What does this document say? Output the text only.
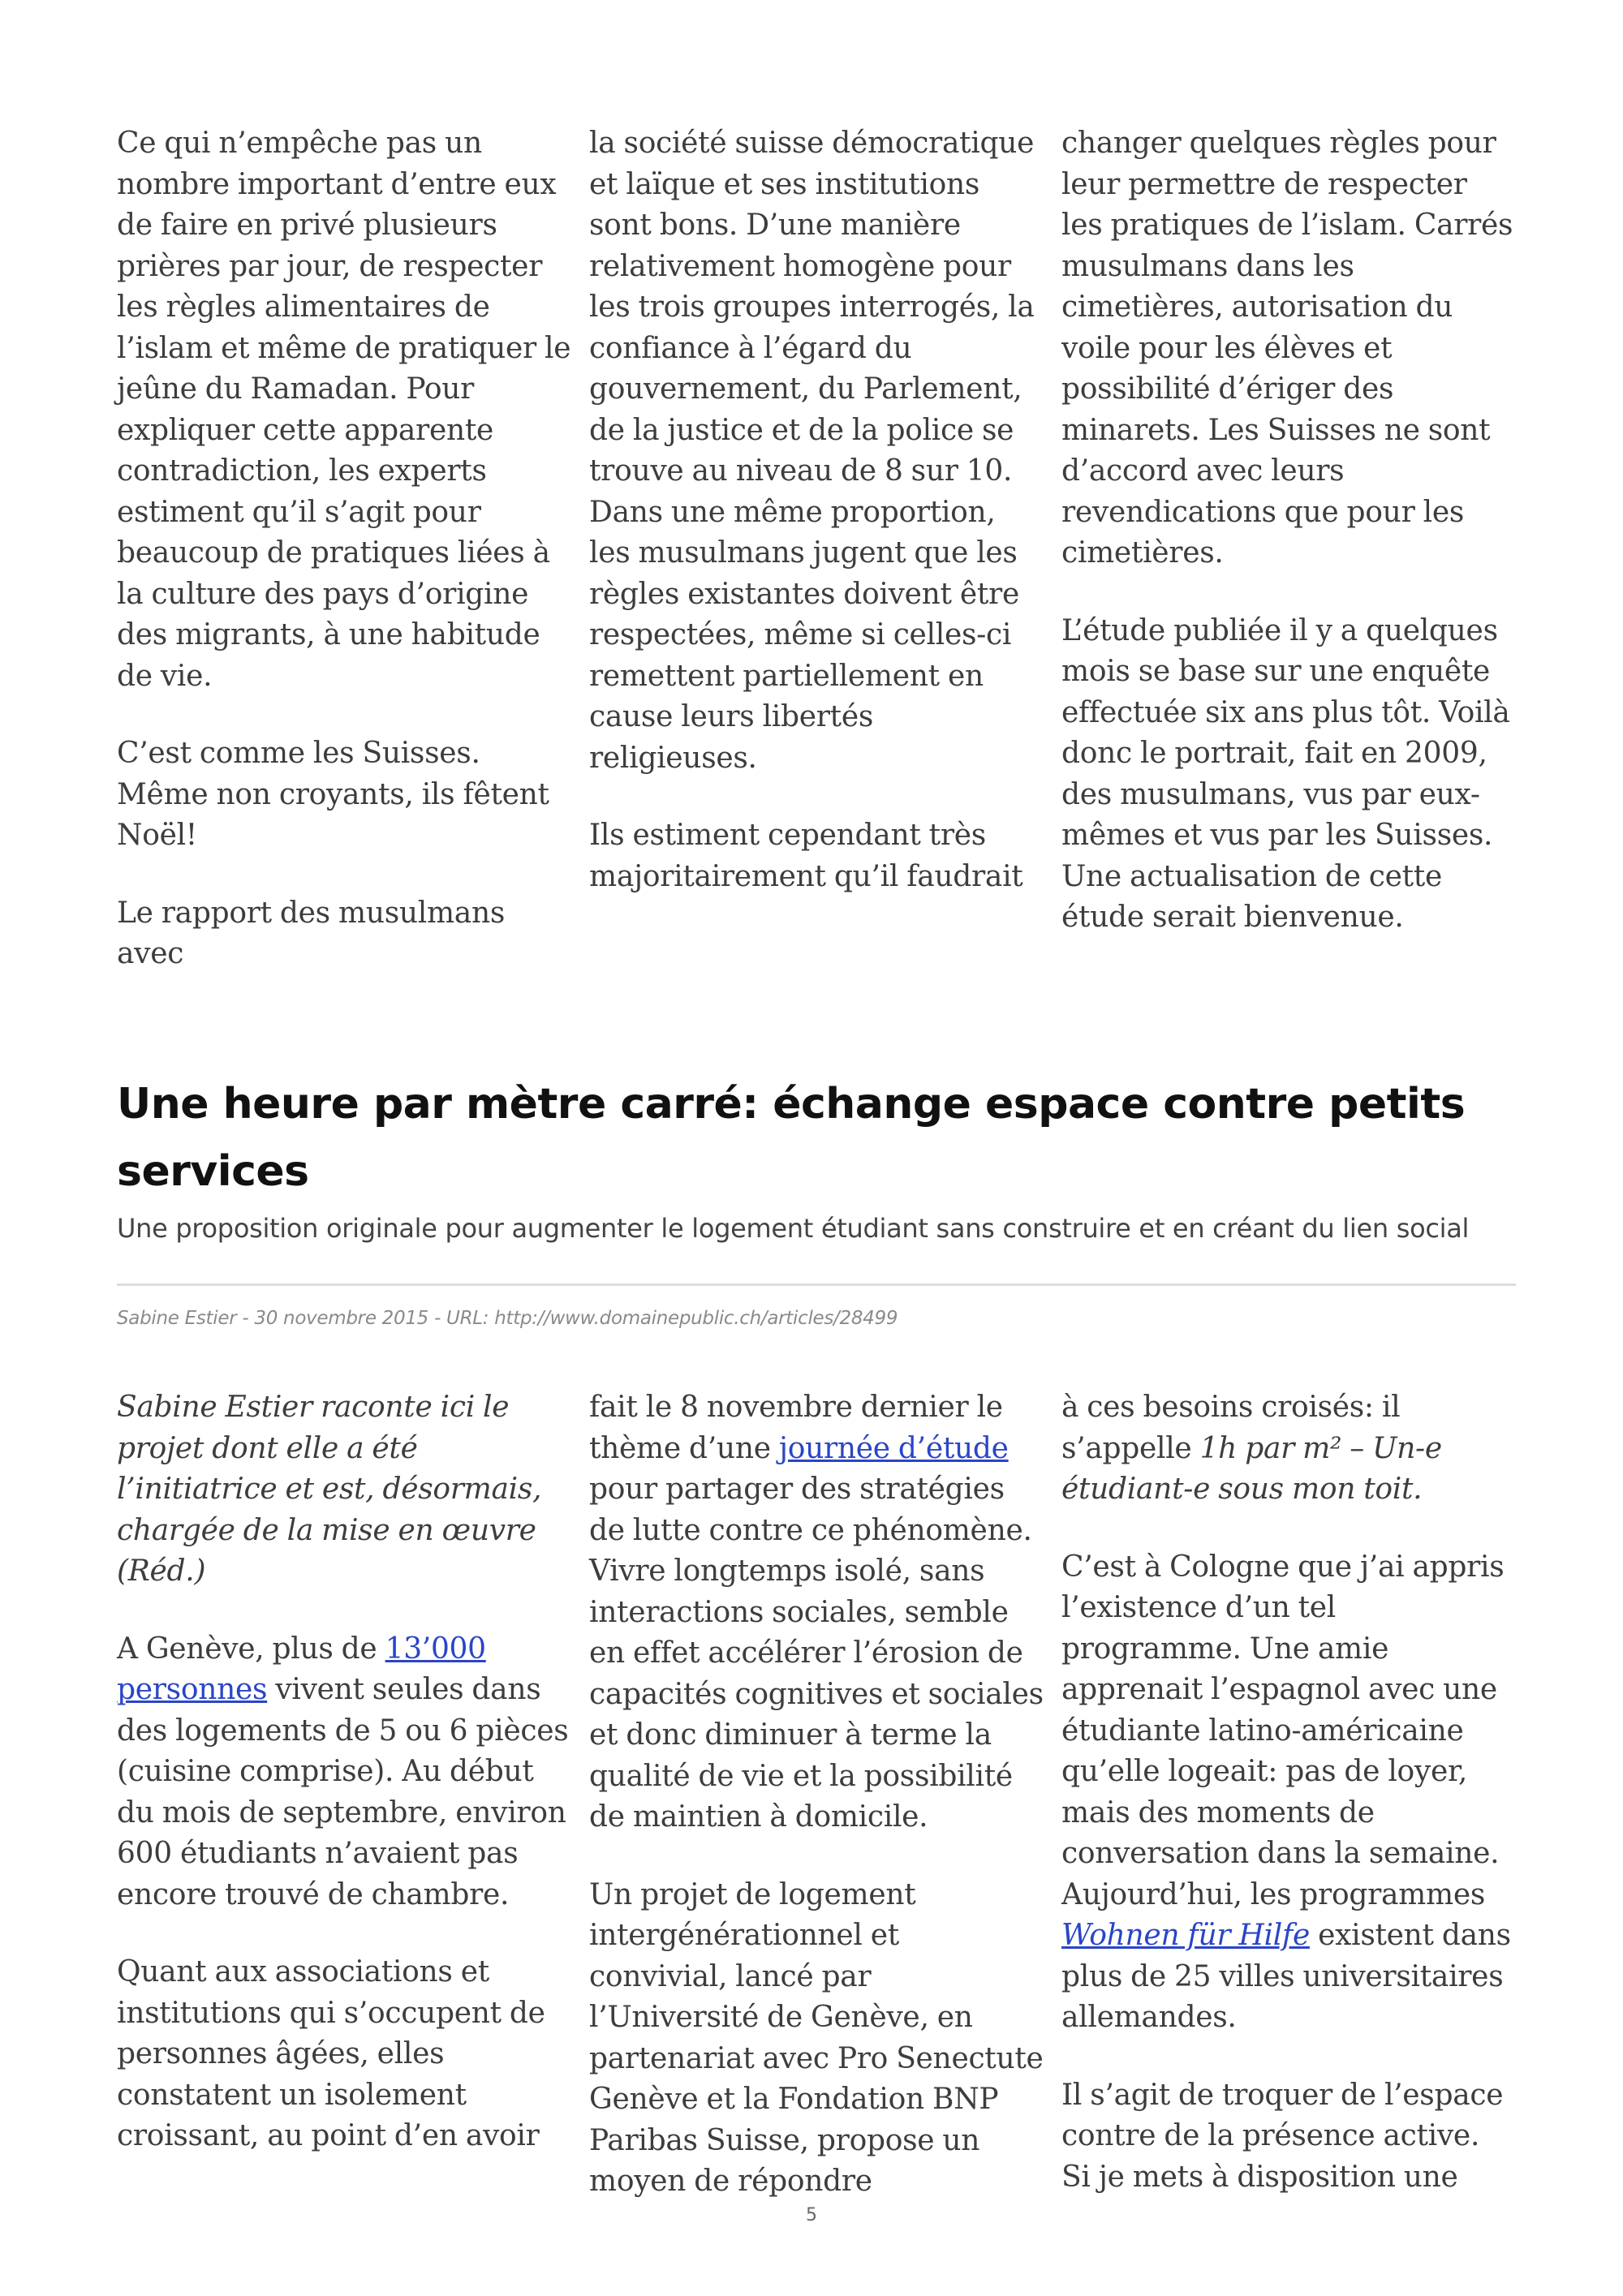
Ce qui n’empêche pas un nombre important d’entre eux de faire en privé plusieurs prières par jour, de respecter les règles alimentaires de l’islam et même de pratiquer le jeûne du Ramadan. Pour expliquer cette apparente contradiction, les experts estiment qu’il s’agit pour beaucoup de pratiques liées à la culture des pays d’origine des migrants, à une habitude de vie.

C’est comme les Suisses. Même non croyants, ils fêtent Noël!

Le rapport des musulmans avec

la société suisse démocratique et laïque et ses institutions sont bons. D’une manière relativement homogène pour les trois groupes interrogés, la confiance à l’égard du gouvernement, du Parlement, de la justice et de la police se trouve au niveau de 8 sur 10. Dans une même proportion, les musulmans jugent que les règles existantes doivent être respectées, même si celles-ci remettent partiellement en cause leurs libertés religieuses.

Ils estiment cependant très majoritairement qu’il faudrait

changer quelques règles pour leur permettre de respecter les pratiques de l’islam. Carrés musulmans dans les cimetières, autorisation du voile pour les élèves et possibilité d’ériger des minarets. Les Suisses ne sont d’accord avec leurs revendications que pour les cimetières.

L’étude publiée il y a quelques mois se base sur une enquête effectuée six ans plus tôt. Voilà donc le portrait, fait en 2009, des musulmans, vus par eux-mêmes et vus par les Suisses. Une actualisation de cette étude serait bienvenue.

Une heure par mètre carré: échange espace contre petits services
Une proposition originale pour augmenter le logement étudiant sans construire et en créant du lien social
Sabine Estier - 30 novembre 2015 - URL: http://www.domainepublic.ch/articles/28499

Sabine Estier raconte ici le projet dont elle a été l’initiatrice et est, désormais, chargée de la mise en œuvre (Réd.)

A Genève, plus de 13’000 personnes vivent seules dans des logements de 5 ou 6 pièces (cuisine comprise). Au début du mois de septembre, environ 600 étudiants n’avaient pas encore trouvé de chambre.

Quant aux associations et institutions qui s’occupent de personnes âgées, elles constatent un isolement croissant, au point d’en avoir

fait le 8 novembre dernier le thème d’une journée d’étude pour partager des stratégies de lutte contre ce phénomène. Vivre longtemps isolé, sans interactions sociales, semble en effet accélérer l’érosion de capacités cognitives et sociales et donc diminuer à terme la qualité de vie et la possibilité de maintien à domicile.

Un projet de logement intergénérationnel et convivial, lancé par l’Université de Genève, en partenariat avec Pro Senectute Genève et la Fondation BNP Paribas Suisse, propose un moyen de répondre

à ces besoins croisés: il s’appelle 1h par m² – Un-e étudiant-e sous mon toit.

C’est à Cologne que j’ai appris l’existence d’un tel programme. Une amie apprenait l’espagnol avec une étudiante latino-américaine qu’elle logeait: pas de loyer, mais des moments de conversation dans la semaine. Aujourd’hui, les programmes Wohnen für Hilfe existent dans plus de 25 villes universitaires allemandes.

Il s’agit de troquer de l’espace contre de la présence active. Si je mets à disposition une

5
